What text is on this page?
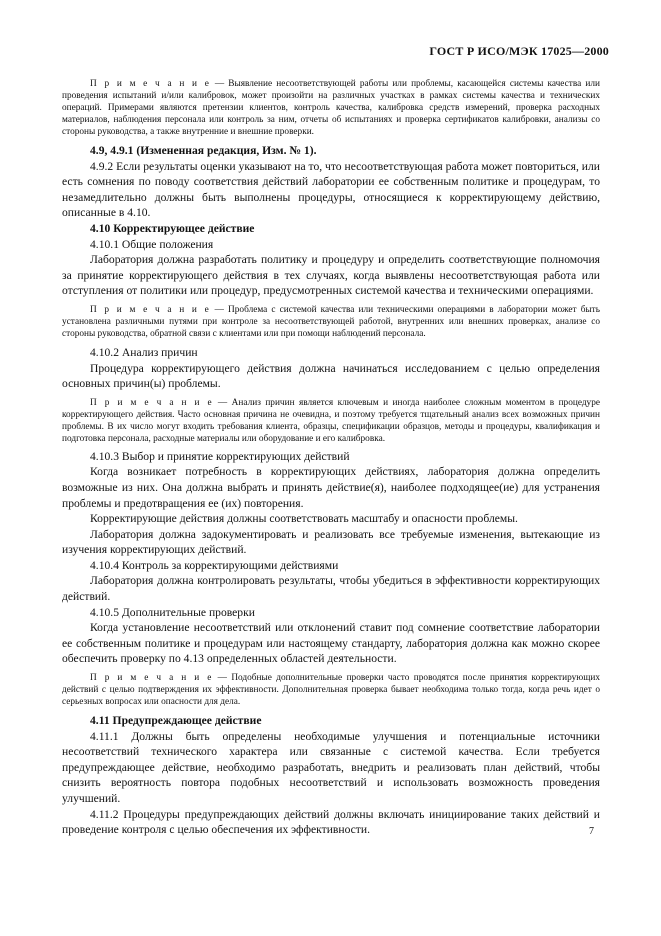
ГОСТ Р ИСО/МЭК 17025—2000

П р и м е ч а н и е — Выявление несоответствующей работы или проблемы, касающейся системы качества или проведения испытаний и/или калибровок, может произойти на различных участках в рамках системы качества и технических операций. Примерами являются претензии клиентов, контроль качества, калибровка средств измерений, проверка расходных материалов, наблюдения персонала или контроль за ним, отчеты об испытаниях и проверка сертификатов калибровки, анализы со стороны руководства, а также внутренние и внешние проверки.

4.9, 4.9.1 (Измененная редакция, Изм. № 1).

4.9.2 Если результаты оценки указывают на то, что несоответствующая работа может повториться, или есть сомнения по поводу соответствия действий лаборатории ее собственным политике и процедурам, то незамедлительно должны быть выполнены процедуры, относящиеся к корректирующему действию, описанные в 4.10.

4.10 Корректирующее действие

4.10.1 Общие положения

Лаборатория должна разработать политику и процедуру и определить соответствующие полномочия за принятие корректирующего действия в тех случаях, когда выявлены несоответствующая работа или отступления от политики или процедур, предусмотренных системой качества и техническими операциями.

П р и м е ч а н и е — Проблема с системой качества или техническими операциями в лаборатории может быть установлена различными путями при контроле за несоответствующей работой, внутренних или внешних проверках, анализе со стороны руководства, обратной связи с клиентами или при помощи наблюдений персонала.

4.10.2 Анализ причин

Процедура корректирующего действия должна начинаться исследованием с целью определения основных причин(ы) проблемы.

П р и м е ч а н и е — Анализ причин является ключевым и иногда наиболее сложным моментом в процедуре корректирующего действия. Часто основная причина не очевидна, и поэтому требуется тщательный анализ всех возможных причин проблемы. В их число могут входить требования клиента, образцы, спецификации образцов, методы и процедуры, квалификация и подготовка персонала, расходные материалы или оборудование и его калибровка.

4.10.3 Выбор и принятие корректирующих действий

Когда возникает потребность в корректирующих действиях, лаборатория должна определить возможные из них. Она должна выбрать и принять действие(я), наиболее подходящее(ие) для устранения проблемы и предотвращения ее (их) повторения.

Корректирующие действия должны соответствовать масштабу и опасности проблемы.

Лаборатория должна задокументировать и реализовать все требуемые изменения, вытекающие из изучения корректирующих действий.

4.10.4 Контроль за корректирующими действиями

Лаборатория должна контролировать результаты, чтобы убедиться в эффективности корректирующих действий.

4.10.5 Дополнительные проверки

Когда установление несоответствий или отклонений ставит под сомнение соответствие лаборатории ее собственным политике и процедурам или настоящему стандарту, лаборатория должна как можно скорее обеспечить проверку по 4.13 определенных областей деятельности.

П р и м е ч а н и е — Подобные дополнительные проверки часто проводятся после принятия корректирующих действий с целью подтверждения их эффективности. Дополнительная проверка бывает необходима только тогда, когда речь идет о серьезных вопросах или опасности для дела.

4.11 Предупреждающее действие

4.11.1 Должны быть определены необходимые улучшения и потенциальные источники несоответствий технического характера или связанные с системой качества. Если требуется предупреждающее действие, необходимо разработать, внедрить и реализовать план действий, чтобы снизить вероятность повтора подобных несоответствий и использовать возможность проведения улучшений.

4.11.2 Процедуры предупреждающих действий должны включать инициирование таких действий и проведение контроля с целью обеспечения их эффективности.	7
